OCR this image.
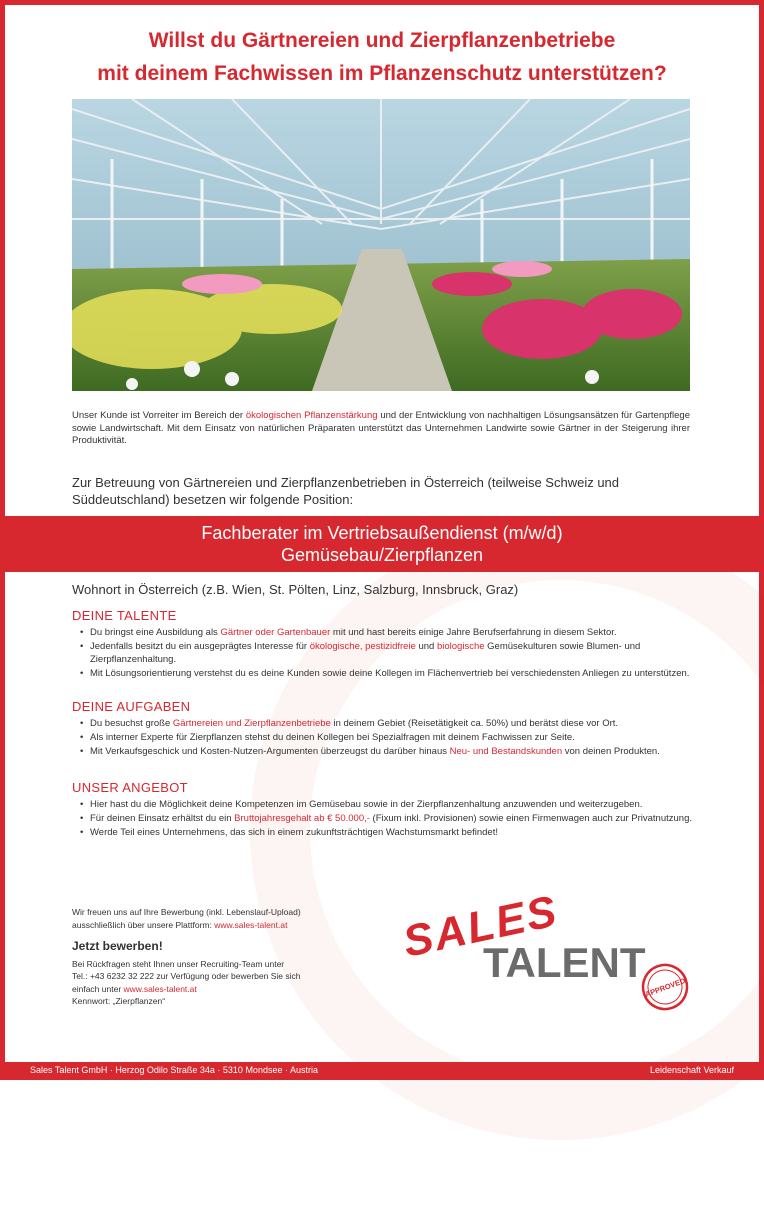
Willst du Gärtnereien und Zierpflanzenbetriebe
mit deinem Fachwissen im Pflanzenschutz unterstützen?
Unser Kunde ist Vorreiter im Bereich der ökologischen Pflanzenstärkung und der Entwicklung von nachhaltigen Lösungsansätzen für Gartenpflege sowie Landwirtschaft. Mit dem Einsatz von natürlichen Präparaten unterstützt das Unternehmen Landwirte sowie Gärtner in der Steigerung ihrer Produktivität.
Zur Betreuung von Gärtnereien und Zierpflanzenbetrieben in Österreich (teilweise Schweiz und Süddeutschland) besetzen wir folgende Position:
Fachberater im Vertriebsaußendienst (m/w/d)
Gemüsebau/Zierpflanzen
Wohnort in Österreich (z.B. Wien, St. Pölten, Linz, Salzburg, Innsbruck, Graz)
DEINE TALENTE
• Du bringst eine Ausbildung als Gärtner oder Gartenbauer mit und hast bereits einige Jahre Berufserfahrung in diesem Sektor.
• Jedenfalls besitzt du ein ausgeprägtes Interesse für ökologische, pestizidfreie und biologische Gemüsekulturen sowie Blumen- und Zierpflanzenhaltung.
• Mit Lösungsorientierung verstehst du es deine Kunden sowie deine Kollegen im Flächenvertrieb bei verschiedensten Anliegen zu unterstützen.
DEINE AUFGABEN
• Du besuchst große Gärtnereien und Zierpflanzenbetriebe in deinem Gebiet (Reisetätigkeit ca. 50%) und berätst diese vor Ort.
• Als interner Experte für Zierpflanzen stehst du deinen Kollegen bei Spezialfragen mit deinem Fachwissen zur Seite.
• Mit Verkaufsgeschick und Kosten-Nutzen-Argumenten überzeugst du darüber hinaus Neu- und Bestandskunden von deinen Produkten.
UNSER ANGEBOT
• Hier hast du die Möglichkeit deine Kompetenzen im Gemüsebau sowie in der Zierpflanzenhaltung anzuwenden und weiterzugeben.
• Für deinen Einsatz erhältst du ein Bruttojahresgehalt ab € 50.000,- (Fixum inkl. Provisionen) sowie einen Firmenwagen auch zur Privatnutzung.
• Werde Teil eines Unternehmens, das sich in einem zukunftsträchtigen Wachstumsmarkt befindet!
Wir freuen uns auf Ihre Bewerbung (inkl. Lebenslauf-Upload)
ausschließlich über unsere Plattform: www.sales-talent.at
Jetzt bewerben!
Bei Rückfragen steht Ihnen unser Recruiting-Team unter
Tel.: +43 6232 32 222 zur Verfügung oder bewerben Sie sich
einfach unter www.sales-talent.at
Kennwort: „Zierpflanzen“
SALES
TALENT
APPROVED
Sales Talent GmbH · Herzog Odilo Straße 34a · 5310 Mondsee · Austria	Leidenschaft Verkauf
